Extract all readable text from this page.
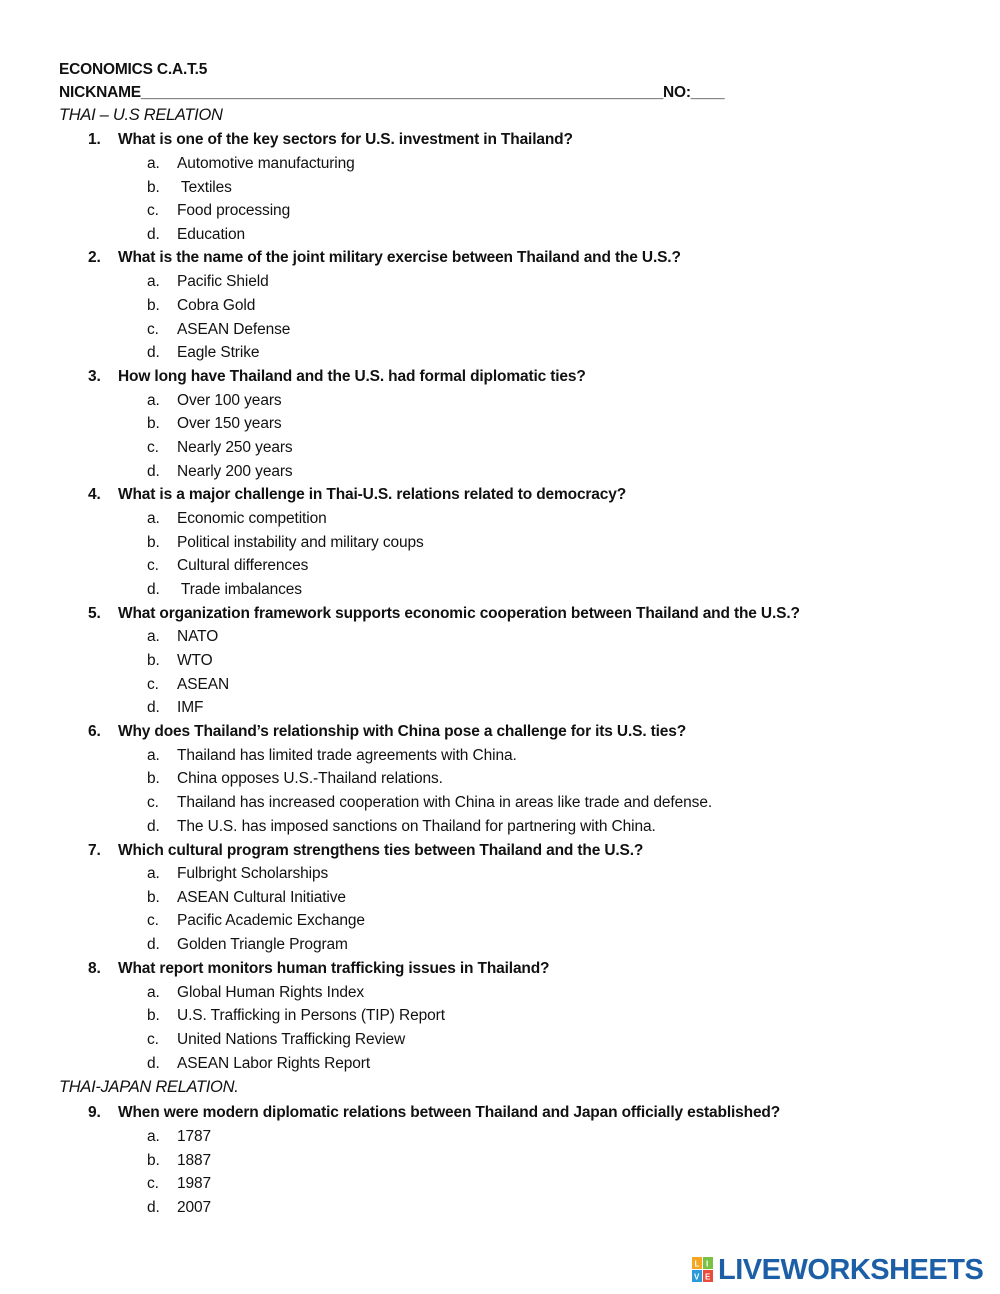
ECONOMICS C.A.T.5
NICKNAME______________________________________________________________NO:____
THAI – U.S RELATION
1. What is one of the key sectors for U.S. investment in Thailand?
a. Automotive manufacturing
b. Textiles
c. Food processing
d. Education
2. What is the name of the joint military exercise between Thailand and the U.S.?
a. Pacific Shield
b. Cobra Gold
c. ASEAN Defense
d. Eagle Strike
3. How long have Thailand and the U.S. had formal diplomatic ties?
a. Over 100 years
b. Over 150 years
c. Nearly 250 years
d. Nearly 200 years
4. What is a major challenge in Thai-U.S. relations related to democracy?
a. Economic competition
b. Political instability and military coups
c. Cultural differences
d. Trade imbalances
5. What organization framework supports economic cooperation between Thailand and the U.S.?
a. NATO
b. WTO
c. ASEAN
d. IMF
6. Why does Thailand’s relationship with China pose a challenge for its U.S. ties?
a. Thailand has limited trade agreements with China.
b. China opposes U.S.-Thailand relations.
c. Thailand has increased cooperation with China in areas like trade and defense.
d. The U.S. has imposed sanctions on Thailand for partnering with China.
7. Which cultural program strengthens ties between Thailand and the U.S.?
a. Fulbright Scholarships
b. ASEAN Cultural Initiative
c. Pacific Academic Exchange
d. Golden Triangle Program
8. What report monitors human trafficking issues in Thailand?
a. Global Human Rights Index
b. U.S. Trafficking in Persons (TIP) Report
c. United Nations Trafficking Review
d. ASEAN Labor Rights Report
THAI-JAPAN RELATION.
9. When were modern diplomatic relations between Thailand and Japan officially established?
a. 1787
b. 1887
c. 1987
d. 2007
L I
V E LIVEWORKSHEETS
